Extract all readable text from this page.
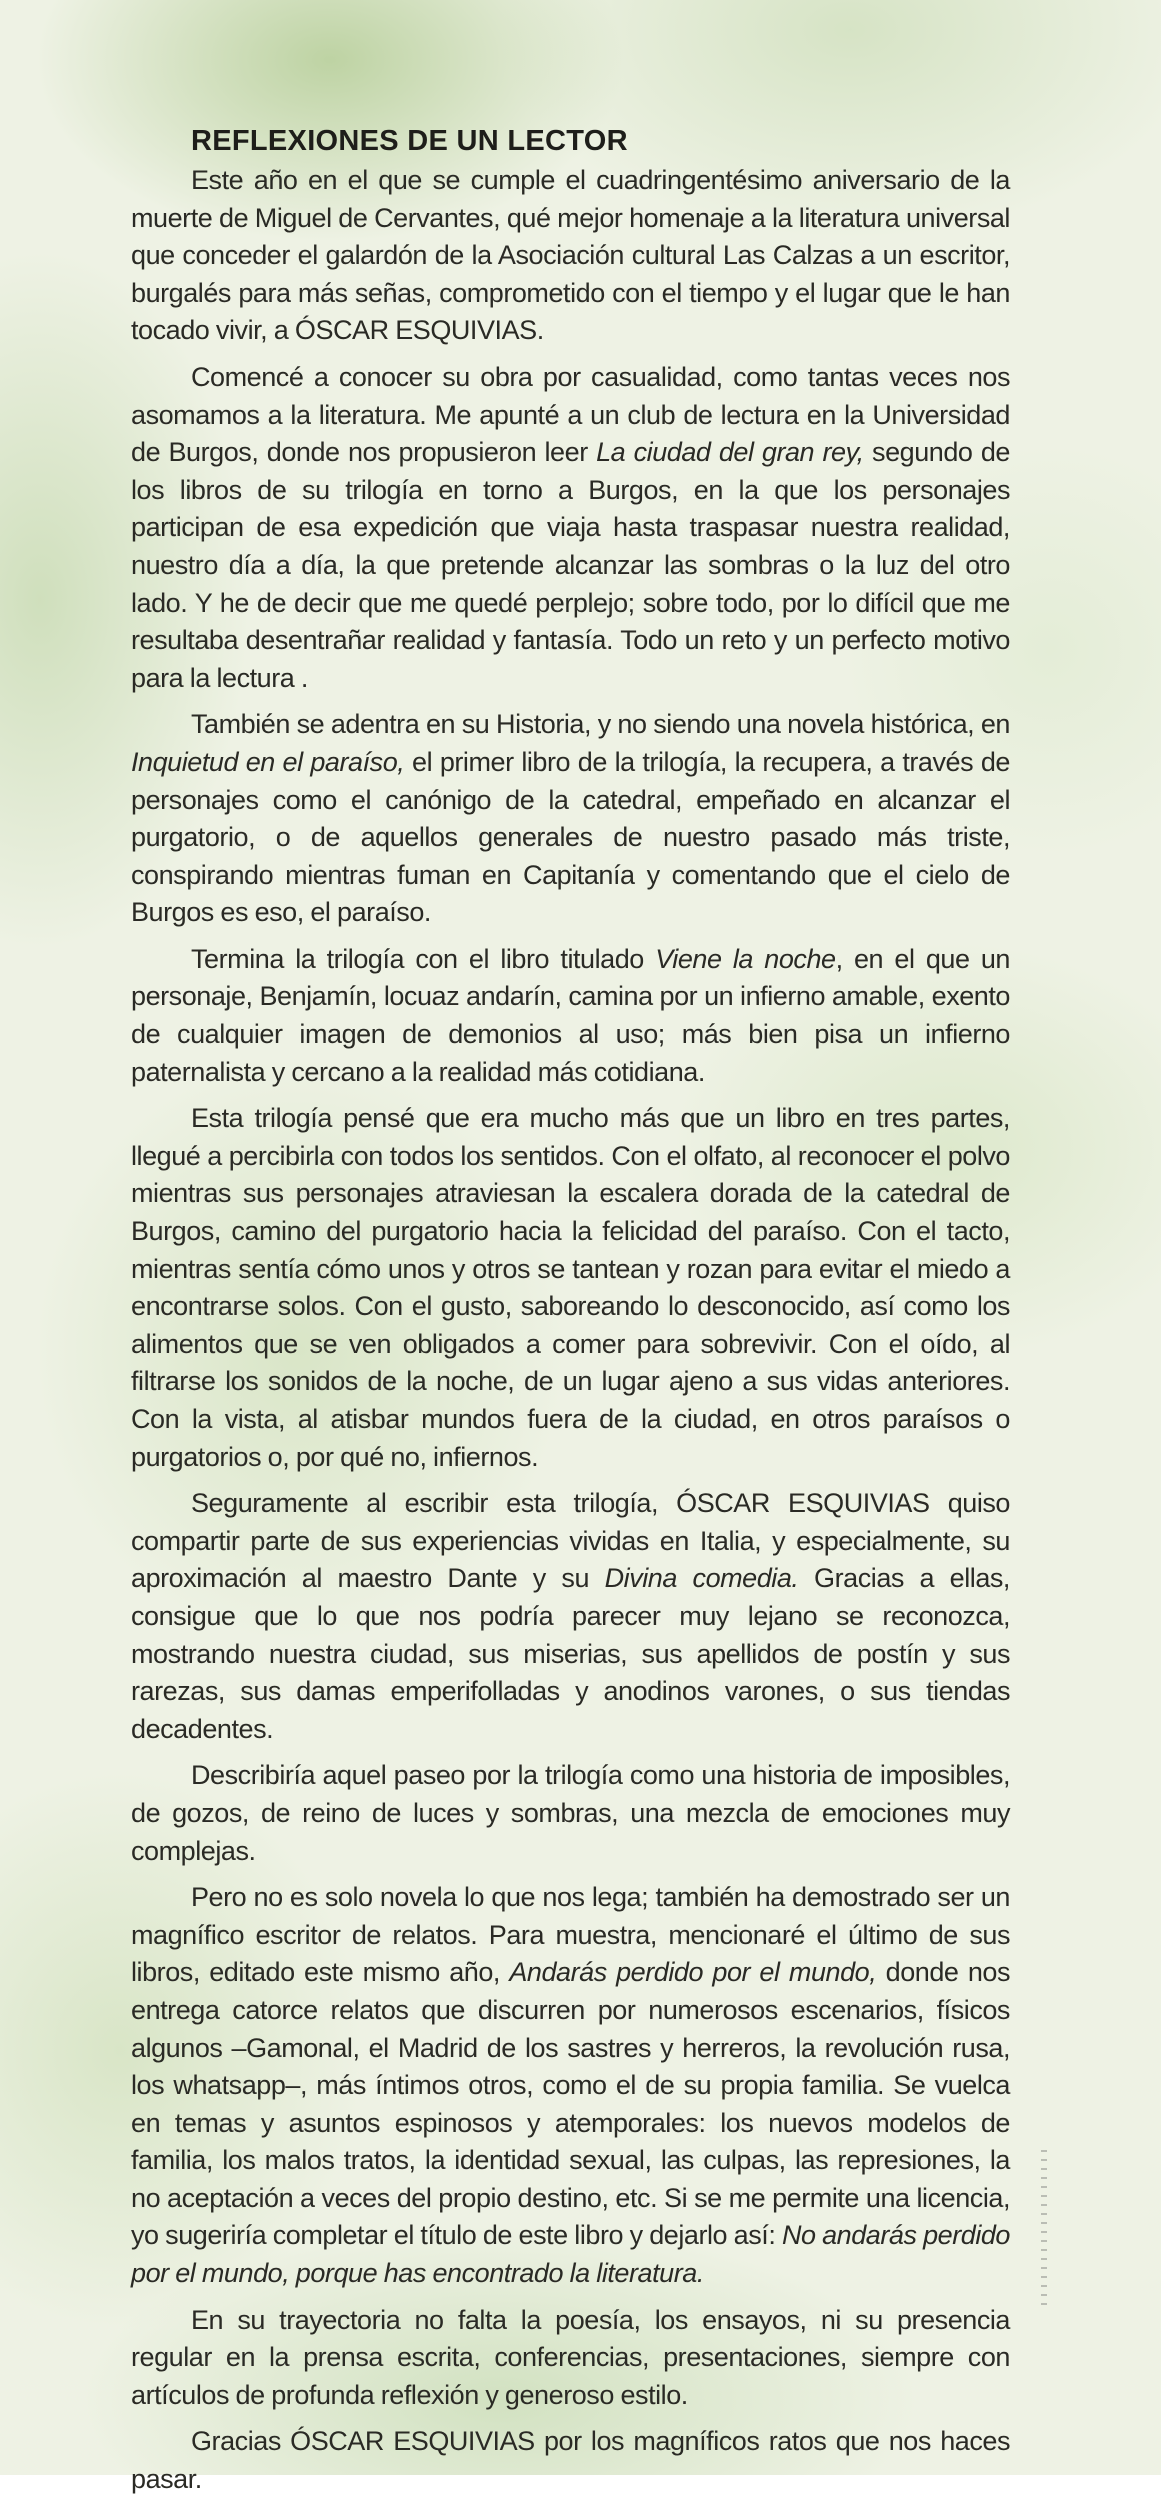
REFLEXIONES DE UN LECTOR

Este año en el que se cumple el cuadringentésimo aniversario de la muerte de Miguel de Cervantes, qué mejor homenaje a la literatura universal que conceder el galardón de la Asociación cultural Las Calzas a un escritor, burgalés para más señas, comprometido con el tiempo y el lugar que le han tocado vivir, a ÓSCAR ESQUIVIAS.

Comencé a conocer su obra por casualidad, como tantas veces nos asomamos a la literatura. Me apunté a un club de lectura en la Universidad de Burgos, donde nos propusieron leer La ciudad del gran rey, segundo de los libros de su trilogía en torno a Burgos, en la que los personajes participan de esa expedición que viaja hasta traspasar nuestra realidad, nuestro día a día, la que pretende alcanzar las sombras o la luz del otro lado. Y he de decir que me quedé perplejo; sobre todo, por lo difícil que me resultaba desentrañar realidad y fantasía. Todo un reto y un perfecto motivo para la lectura .

También se adentra en su Historia, y no siendo una novela histórica, en Inquietud en el paraíso, el primer libro de la trilogía, la recupera, a través de personajes como el canónigo de la catedral, empeñado en alcanzar el purgatorio, o de aquellos generales de nuestro pasado más triste, conspirando mientras fuman en Capitanía y comentando que el cielo de Burgos es eso, el paraíso.

Termina la trilogía con el libro titulado Viene la noche, en el que un personaje, Benjamín, locuaz andarín, camina por un infierno amable, exento de cualquier imagen de demonios al uso; más bien pisa un infierno paternalista y cercano a la realidad más cotidiana.

Esta trilogía pensé que era mucho más que un libro en tres partes, llegué a percibirla con todos los sentidos. Con el olfato, al reconocer el polvo mientras sus personajes atraviesan la escalera dorada de la catedral de Burgos, camino del purgatorio hacia la felicidad del paraíso. Con el tacto, mientras sentía cómo unos y otros se tantean y rozan para evitar el miedo a encontrarse solos. Con el gusto, saboreando lo desconocido, así como los alimentos que se ven obligados a comer para sobrevivir. Con el oído, al filtrarse los sonidos de la noche, de un lugar ajeno a sus vidas anteriores. Con la vista, al atisbar mundos fuera de la ciudad, en otros paraísos o purgatorios o, por qué no, infiernos.

Seguramente al escribir esta trilogía, ÓSCAR ESQUIVIAS quiso compartir parte de sus experiencias vividas en Italia, y especialmente, su aproximación al maestro Dante y su Divina comedia. Gracias a ellas, consigue que lo que nos podría parecer muy lejano se reconozca, mostrando nuestra ciudad, sus miserias, sus apellidos de postín y sus rarezas, sus damas emperifolladas y anodinos varones, o sus tiendas decadentes.

Describiría aquel paseo por la trilogía como una historia de imposibles, de gozos, de reino de luces y sombras, una mezcla de emociones muy complejas.

Pero no es solo novela lo que nos lega; también ha demostrado ser un magnífico escritor de relatos. Para muestra, mencionaré el último de sus libros, editado este mismo año, Andarás perdido por el mundo, donde nos entrega catorce relatos que discurren por numerosos escenarios, físicos algunos –Gamonal, el Madrid de los sastres y herreros, la revolución rusa, los whatsapp–, más íntimos otros, como el de su propia familia. Se vuelca en temas y asuntos espinosos y atemporales: los nuevos modelos de familia, los malos tratos, la identidad sexual, las culpas, las represiones, la no aceptación a veces del propio destino, etc. Si se me permite una licencia, yo sugeriría completar el título de este libro y dejarlo así: No andarás perdido por el mundo, porque has encontrado la literatura.

En su trayectoria no falta la poesía, los ensayos, ni su presencia regular en la prensa escrita, conferencias, presentaciones, siempre con artículos de profunda reflexión y generoso estilo.

Gracias ÓSCAR ESQUIVIAS por los magníficos ratos que nos haces pasar.
